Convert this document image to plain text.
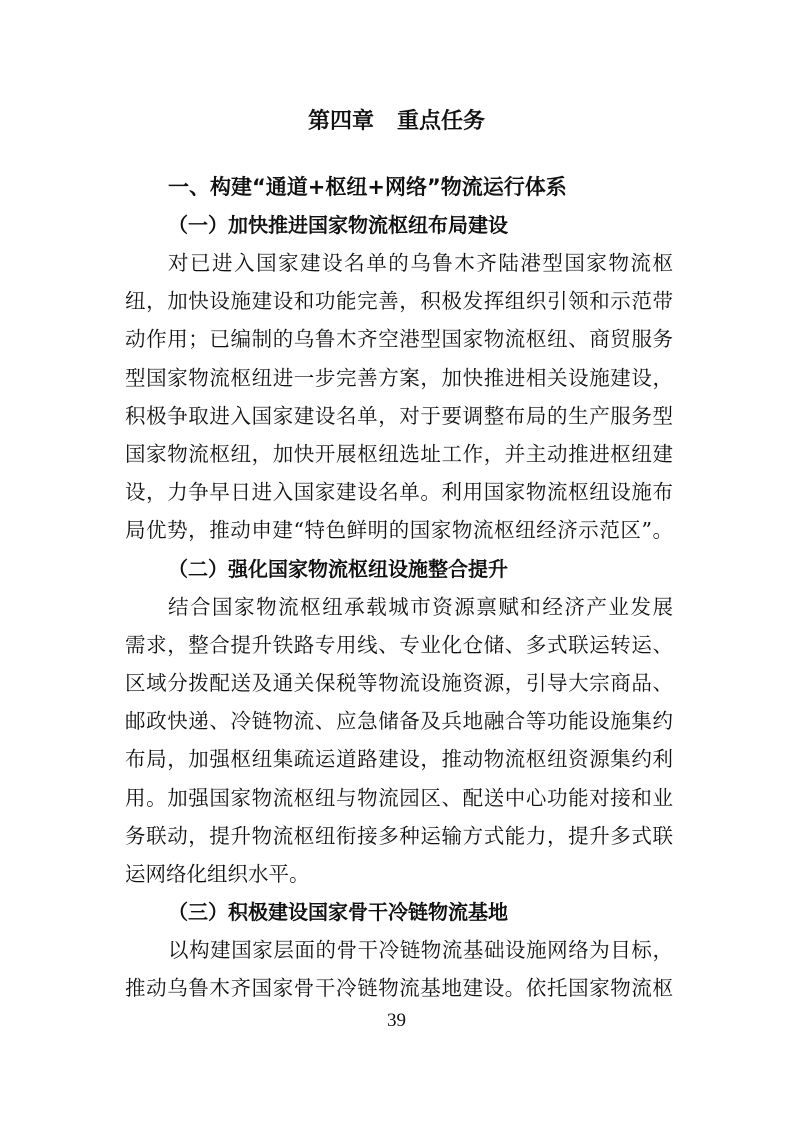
第四章   重点任务
一、构建“通道+枢纽+网络”物流运行体系
（一）加快推进国家物流枢纽布局建设

对已进入国家建设名单的乌鲁木齐陆港型国家物流枢
纽，加快设施建设和功能完善，积极发挥组织引领和示范带
动作用；已编制的乌鲁木齐空港型国家物流枢纽、商贸服务
型国家物流枢纽进一步完善方案，加快推进相关设施建设，
积极争取进入国家建设名单，对于要调整布局的生产服务型
国家物流枢纽，加快开展枢纽选址工作，并主动推进枢纽建
设，力争早日进入国家建设名单。利用国家物流枢纽设施布
局优势，推动申建“特色鲜明的国家物流枢纽经济示范区”。

（二）强化国家物流枢纽设施整合提升

结合国家物流枢纽承载城市资源禀赋和经济产业发展
需求，整合提升铁路专用线、专业化仓储、多式联运转运、
区域分拨配送及通关保税等物流设施资源，引导大宗商品、
邮政快递、冷链物流、应急储备及兵地融合等功能设施集约
布局，加强枢纽集疏运道路建设，推动物流枢纽资源集约利
用。加强国家物流枢纽与物流园区、配送中心功能对接和业
务联动，提升物流枢纽衔接多种运输方式能力，提升多式联
运网络化组织水平。

（三）积极建设国家骨干冷链物流基地

以构建国家层面的骨干冷链物流基础设施网络为目标，
推动乌鲁木齐国家骨干冷链物流基地建设。依托国家物流枢

39
